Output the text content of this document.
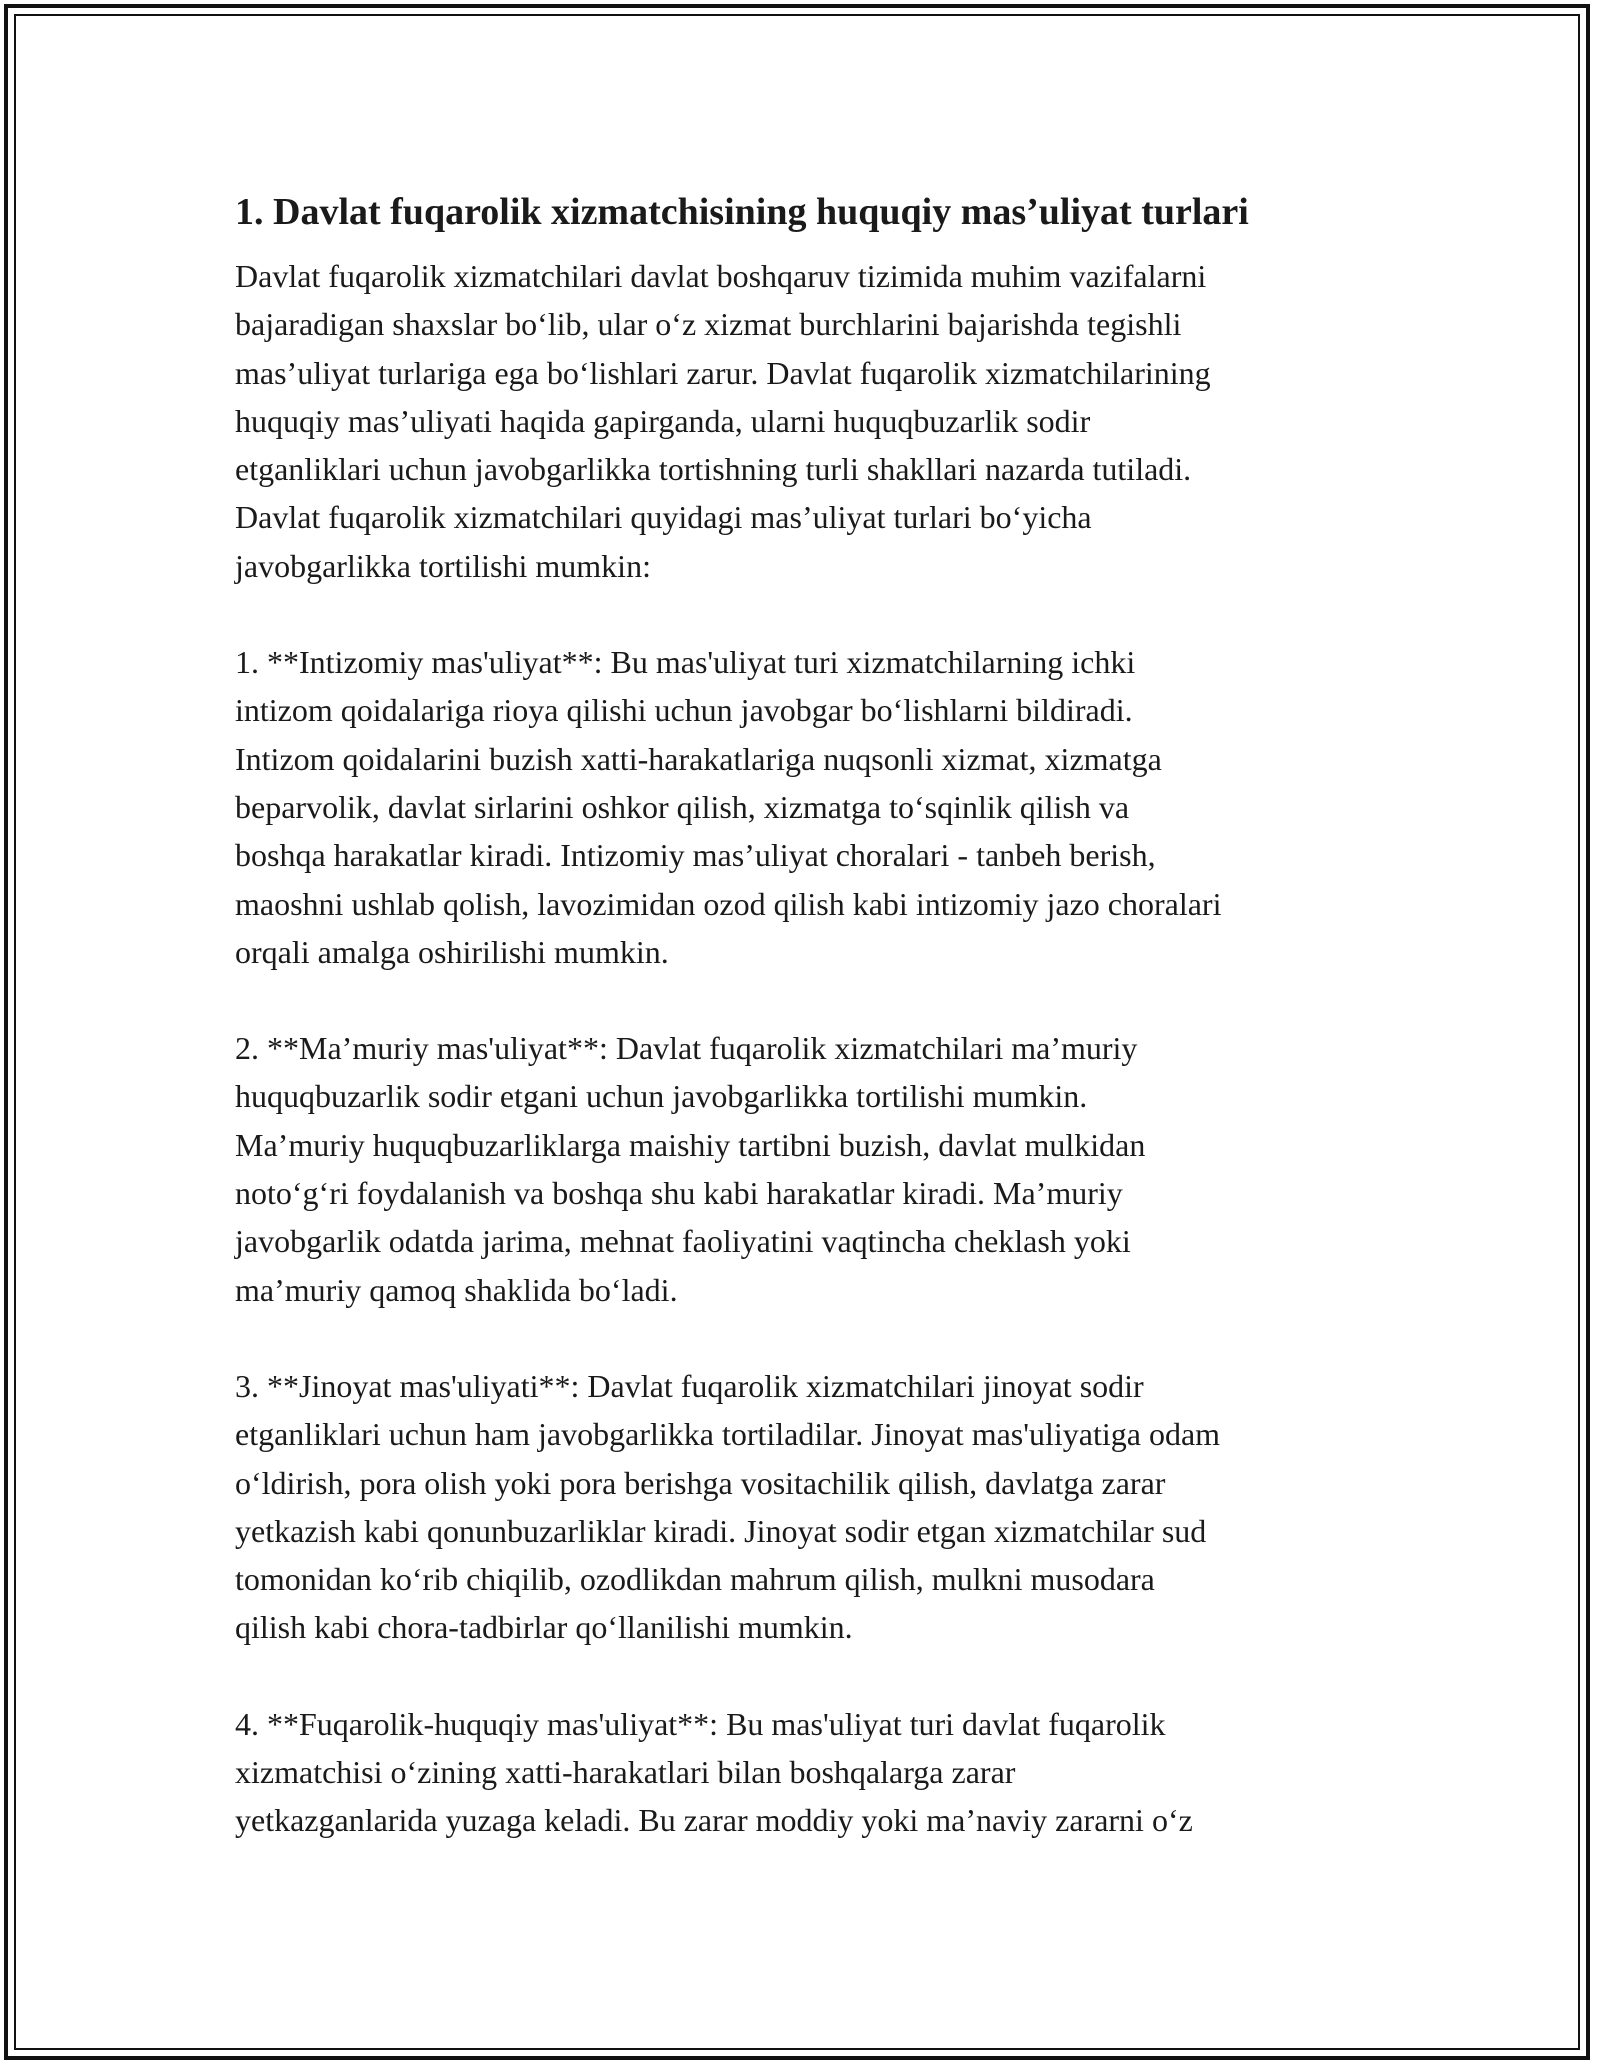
1. Davlat fuqarolik xizmatchisining huquqiy mas’uliyat turlari
Davlat fuqarolik xizmatchilari davlat boshqaruv tizimida muhim vazifalarni
bajaradigan shaxslar bo‘lib, ular o‘z xizmat burchlarini bajarishda tegishli
mas’uliyat turlariga ega bo‘lishlari zarur. Davlat fuqarolik xizmatchilarining
huquqiy mas’uliyati haqida gapirganda, ularni huquqbuzarlik sodir
etganliklari uchun javobgarlikka tortishning turli shakllari nazarda tutiladi.
Davlat fuqarolik xizmatchilari quyidagi mas’uliyat turlari bo‘yicha
javobgarlikka tortilishi mumkin:
1. **Intizomiy mas'uliyat**: Bu mas'uliyat turi xizmatchilarning ichki
intizom qoidalariga rioya qilishi uchun javobgar bo‘lishlarni bildiradi.
Intizom qoidalarini buzish xatti-harakatlariga nuqsonli xizmat, xizmatga
beparvolik, davlat sirlarini oshkor qilish, xizmatga to‘sqinlik qilish va
boshqa harakatlar kiradi. Intizomiy mas’uliyat choralari - tanbeh berish,
maoshni ushlab qolish, lavozimidan ozod qilish kabi intizomiy jazo choralari
orqali amalga oshirilishi mumkin.
2. **Ma’muriy mas'uliyat**: Davlat fuqarolik xizmatchilari ma’muriy
huquqbuzarlik sodir etgani uchun javobgarlikka tortilishi mumkin.
Ma’muriy huquqbuzarliklarga maishiy tartibni buzish, davlat mulkidan
noto‘g‘ri foydalanish va boshqa shu kabi harakatlar kiradi. Ma’muriy
javobgarlik odatda jarima, mehnat faoliyatini vaqtincha cheklash yoki
ma’muriy qamoq shaklida bo‘ladi.
3. **Jinoyat mas'uliyati**: Davlat fuqarolik xizmatchilari jinoyat sodir
etganliklari uchun ham javobgarlikka tortiladilar. Jinoyat mas'uliyatiga odam
o‘ldirish, pora olish yoki pora berishga vositachilik qilish, davlatga zarar
yetkazish kabi qonunbuzarliklar kiradi. Jinoyat sodir etgan xizmatchilar sud
tomonidan ko‘rib chiqilib, ozodlikdan mahrum qilish, mulkni musodara
qilish kabi chora-tadbirlar qo‘llanilishi mumkin.
4. **Fuqarolik-huquqiy mas'uliyat**: Bu mas'uliyat turi davlat fuqarolik
xizmatchisi o‘zining xatti-harakatlari bilan boshqalarga zarar
yetkazganlarida yuzaga keladi. Bu zarar moddiy yoki ma’naviy zararni o‘z
